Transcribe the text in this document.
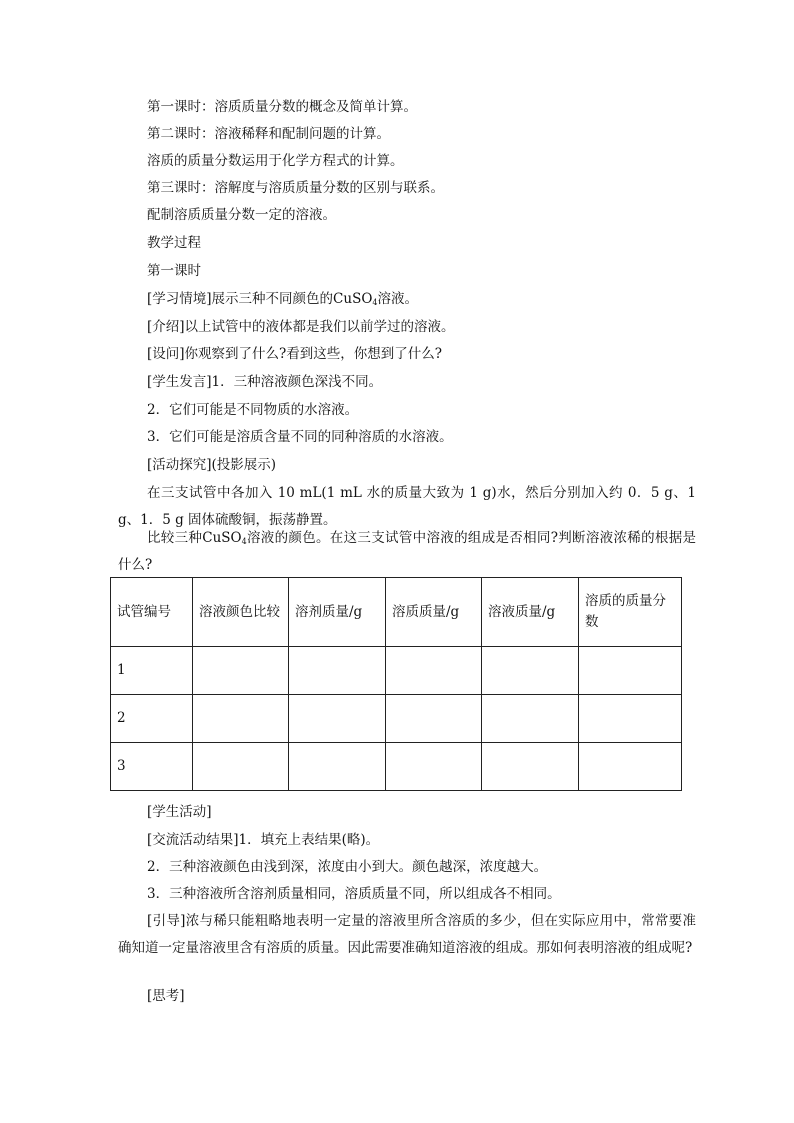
第一课时：溶质质量分数的概念及简单计算。
第二课时：溶液稀释和配制问题的计算。
溶质的质量分数运用于化学方程式的计算。
第三课时：溶解度与溶质质量分数的区别与联系。
配制溶质质量分数一定的溶液。
教学过程
第一课时
[学习情境]展示三种不同颜色的CuSO$_4$溶液。
[介绍]以上试管中的液体都是我们以前学过的溶液。
[设问]你观察到了什么?看到这些，你想到了什么?
[学生发言]1．三种溶液颜色深浅不同。
2．它们可能是不同物质的水溶液。
3．它们可能是溶质含量不同的同种溶质的水溶液。
[活动探究](投影展示)
在三支试管中各加入 10 mL(1 mL 水的质量大致为 1 g)水，然后分别加入约 0．5 g、1 g、1．5 g 固体硫酸铜，振荡静置。
比较三种CuSO$_4$溶液的颜色。在这三支试管中溶液的组成是否相同?判断溶液浓稀的根据是什么?
试管编号	溶液颜色比较	溶剂质量/g	溶质质量/g	溶液质量/g	溶质的质量分数
1					
2					
3					
[学生活动]
[交流活动结果]1．填充上表结果(略)。
2．三种溶液颜色由浅到深，浓度由小到大。颜色越深，浓度越大。
3．三种溶液所含溶剂质量相同，溶质质量不同，所以组成各不相同。
[引导]浓与稀只能粗略地表明一定量的溶液里所含溶质的多少，但在实际应用中，常常要准确知道一定量溶液里含有溶质的质量。因此需要准确知道溶液的组成。那如何表明溶液的组成呢?
[思考]
